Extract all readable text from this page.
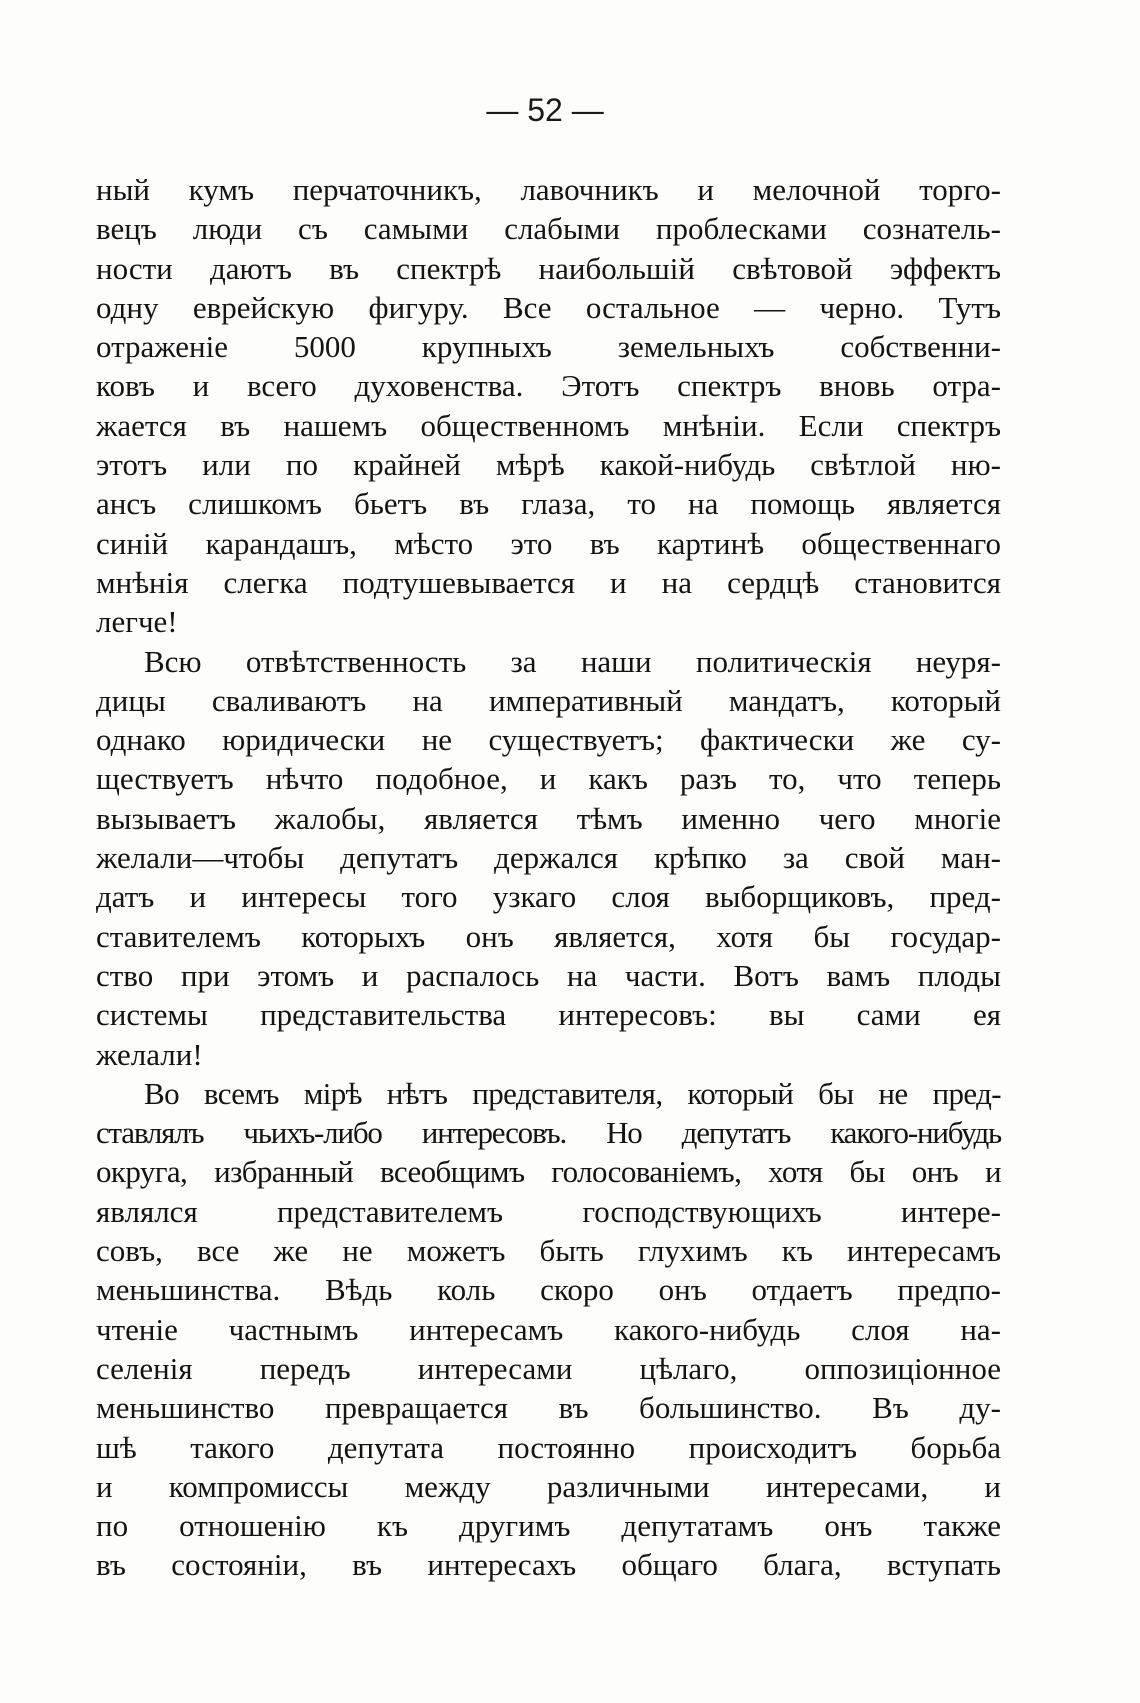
— 52 —
ный кумъ перчаточникъ, лавочникъ и мелочной торго-
вецъ люди съ самыми слабыми проблесками сознатель-
ности даютъ въ спектрѣ наибольшій свѣтовой эффектъ
одну еврейскую фигуру. Все остальное — черно. Тутъ
отраженіе 5000 крупныхъ земельныхъ собственни-
ковъ и всего духовенства. Этотъ спектръ вновь отра-
жается въ нашемъ общественномъ мнѣніи. Если спектръ
этотъ или по крайней мѣрѣ какой-нибудь свѣтлой ню-
ансъ слишкомъ бьетъ въ глаза, то на помощь является
синій карандашъ, мѣсто это въ картинѣ общественнаго
мнѣнія слегка подтушевывается и на сердцѣ становится
легче!
Всю отвѣтственность за наши политическія неуря-
дицы сваливаютъ на императивный мандатъ, который
однако юридически не существуетъ; фактически же су-
ществуетъ нѣчто подобное, и какъ разъ то, что теперь
вызываетъ жалобы, является тѣмъ именно чего многіе
желали—чтобы депутатъ держался крѣпко за свой ман-
датъ и интересы того узкаго слоя выборщиковъ, пред-
ставителемъ которыхъ онъ является, хотя бы государ-
ство при этомъ и распалось на части. Вотъ вамъ плоды
системы представительства интересовъ: вы сами ея
желали!
Во всемъ мірѣ нѣтъ представителя, который бы не пред-
ставлялъ чьихъ-либо интересовъ. Но депутатъ какого-нибудь
округа, избранный всеобщимъ голосованіемъ, хотя бы онъ и
являлся представителемъ господствующихъ интере-
совъ, все же не можетъ быть глухимъ къ интересамъ
меньшинства. Вѣдь коль скоро онъ отдаетъ предпо-
чтеніе частнымъ интересамъ какого-нибудь слоя на-
селенія передъ интересами цѣлаго, оппозиціонное
меньшинство превращается въ большинство. Въ ду-
шѣ такого депутата постоянно происходитъ борьба
и компромиссы между различными интересами, и
по отношенію къ другимъ депутатамъ онъ также
въ состояніи, въ интересахъ общаго блага, вступать
